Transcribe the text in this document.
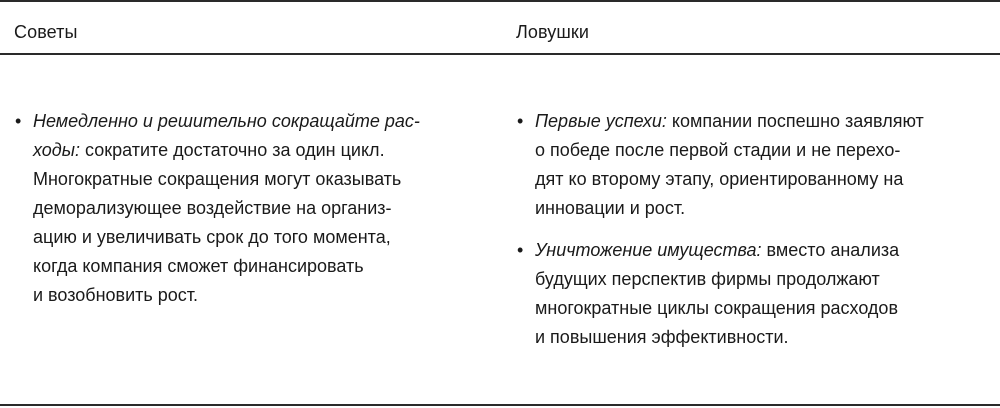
Советы	Ловушки
• Немедленно и решительно сокращайте рас-
ходы: сократите достаточно за один цикл.
Многократные сокращения могут оказывать
деморализующее воздействие на организ-
ацию и увеличивать срок до того момента,
когда компания сможет финансировать
и возобновить рост.
• Первые успехи: компании поспешно заявляют
о победе после первой стадии и не перехо-
дят ко второму этапу, ориентированному на
инновации и рост.
• Уничтожение имущества: вместо анализа
будущих перспектив фирмы продолжают
многократные циклы сокращения расходов
и повышения эффективности.
